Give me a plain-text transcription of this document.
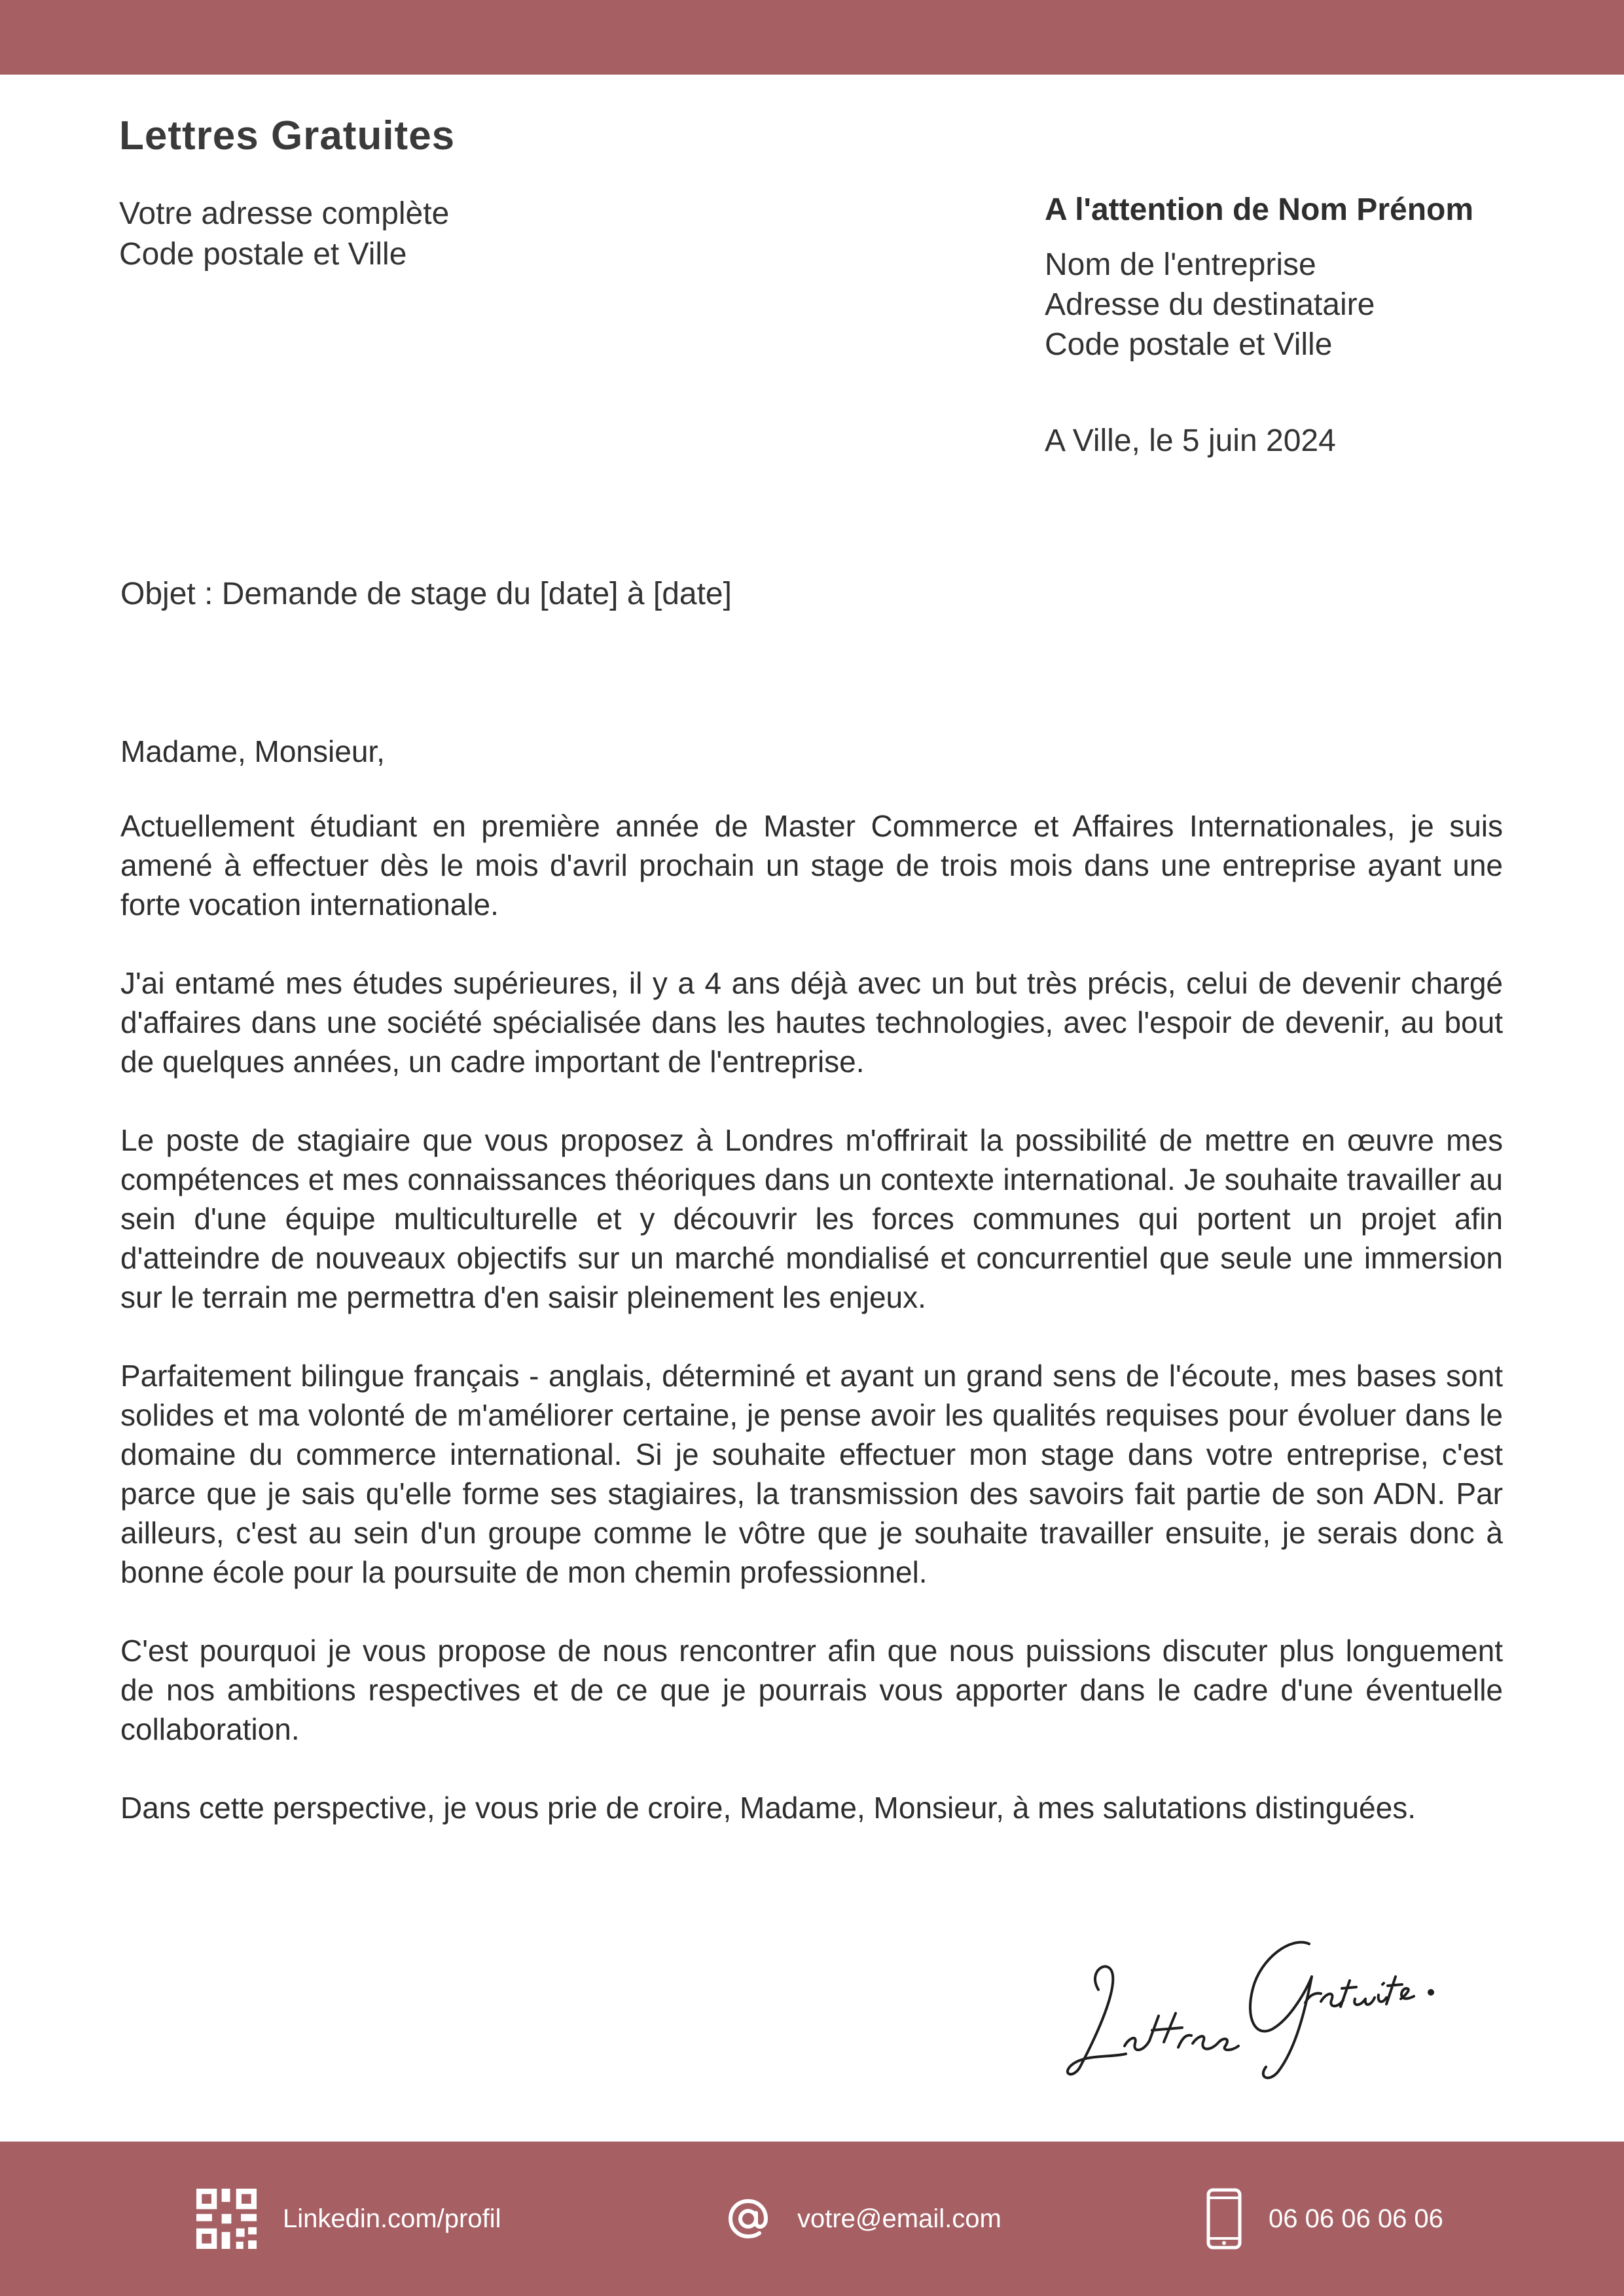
Lettres Gratuites
Votre adresse complète
Code postale et Ville
A l'attention de Nom Prénom
Nom de l'entreprise
Adresse du destinataire
Code postale et Ville
A Ville, le 5 juin 2024
Objet : Demande de stage du [date] à [date]

Madame, Monsieur,

Actuellement étudiant en première année de Master Commerce et Affaires Internationales, je suis amené à effectuer dès le mois d'avril prochain un stage de trois mois dans une entreprise ayant une forte vocation internationale.

J'ai entamé mes études supérieures, il y a 4 ans déjà avec un but très précis, celui de devenir chargé d'affaires dans une société spécialisée dans les hautes technologies, avec l'espoir de devenir, au bout de quelques années, un cadre important de l'entreprise.

Le poste de stagiaire que vous proposez à Londres m'offrirait la possibilité de mettre en œuvre mes compétences et mes connaissances théoriques dans un contexte international. Je souhaite travailler au sein d'une équipe multiculturelle et y découvrir les forces communes qui portent un projet afin d'atteindre de nouveaux objectifs sur un marché mondialisé et concurrentiel que seule une immersion sur le terrain me permettra d'en saisir pleinement les enjeux.

Parfaitement bilingue français - anglais, déterminé et ayant un grand sens de l'écoute, mes bases sont solides et ma volonté de m'améliorer certaine, je pense avoir les qualités requises pour évoluer dans le domaine du commerce international. Si je souhaite effectuer mon stage dans votre entreprise, c'est parce que je sais qu'elle forme ses stagiaires, la transmission des savoirs fait partie de son ADN. Par ailleurs, c'est au sein d'un groupe comme le vôtre que je souhaite travailler ensuite, je serais donc à bonne école pour la poursuite de mon chemin professionnel.

C'est pourquoi je vous propose de nous rencontrer afin que nous puissions discuter plus longuement de nos ambitions respectives et de ce que je pourrais vous apporter dans le cadre d'une éventuelle collaboration.

Dans cette perspective, je vous prie de croire, Madame, Monsieur, à mes salutations distinguées.

Linkedin.com/profil	votre@email.com	06 06 06 06 06
